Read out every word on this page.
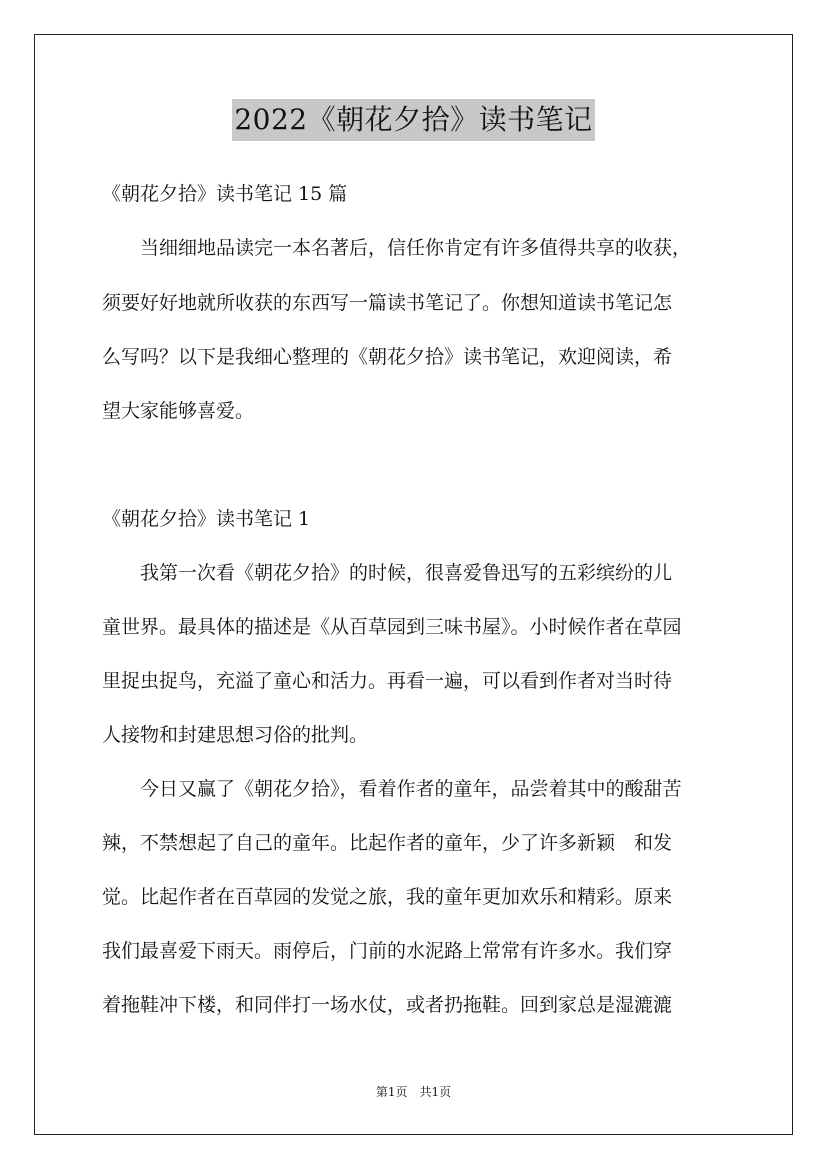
2022《朝花夕拾》读书笔记
《朝花夕拾》读书笔记 15 篇
　　当细细地品读完一本名著后，信任你肯定有许多值得共享的收获，
须要好好地就所收获的东西写一篇读书笔记了。你想知道读书笔记怎
么写吗？以下是我细心整理的《朝花夕拾》读书笔记，欢迎阅读，希
望大家能够喜爱。
《朝花夕拾》读书笔记 1
　　我第一次看《朝花夕拾》的时候，很喜爱鲁迅写的五彩缤纷的儿
童世界。最具体的描述是《从百草园到三味书屋》。小时候作者在草园
里捉虫捉鸟，充溢了童心和活力。再看一遍，可以看到作者对当时待
人接物和封建思想习俗的批判。
　　今日又赢了《朝花夕拾》，看着作者的童年，品尝着其中的酸甜苦
辣，不禁想起了自己的童年。比起作者的童年，少了许多新颖　和发
觉。比起作者在百草园的发觉之旅，我的童年更加欢乐和精彩。原来
我们最喜爱下雨天。雨停后，门前的水泥路上常常有许多水。我们穿
着拖鞋冲下楼，和同伴打一场水仗，或者扔拖鞋。回到家总是湿漉漉
第1页　共1页
